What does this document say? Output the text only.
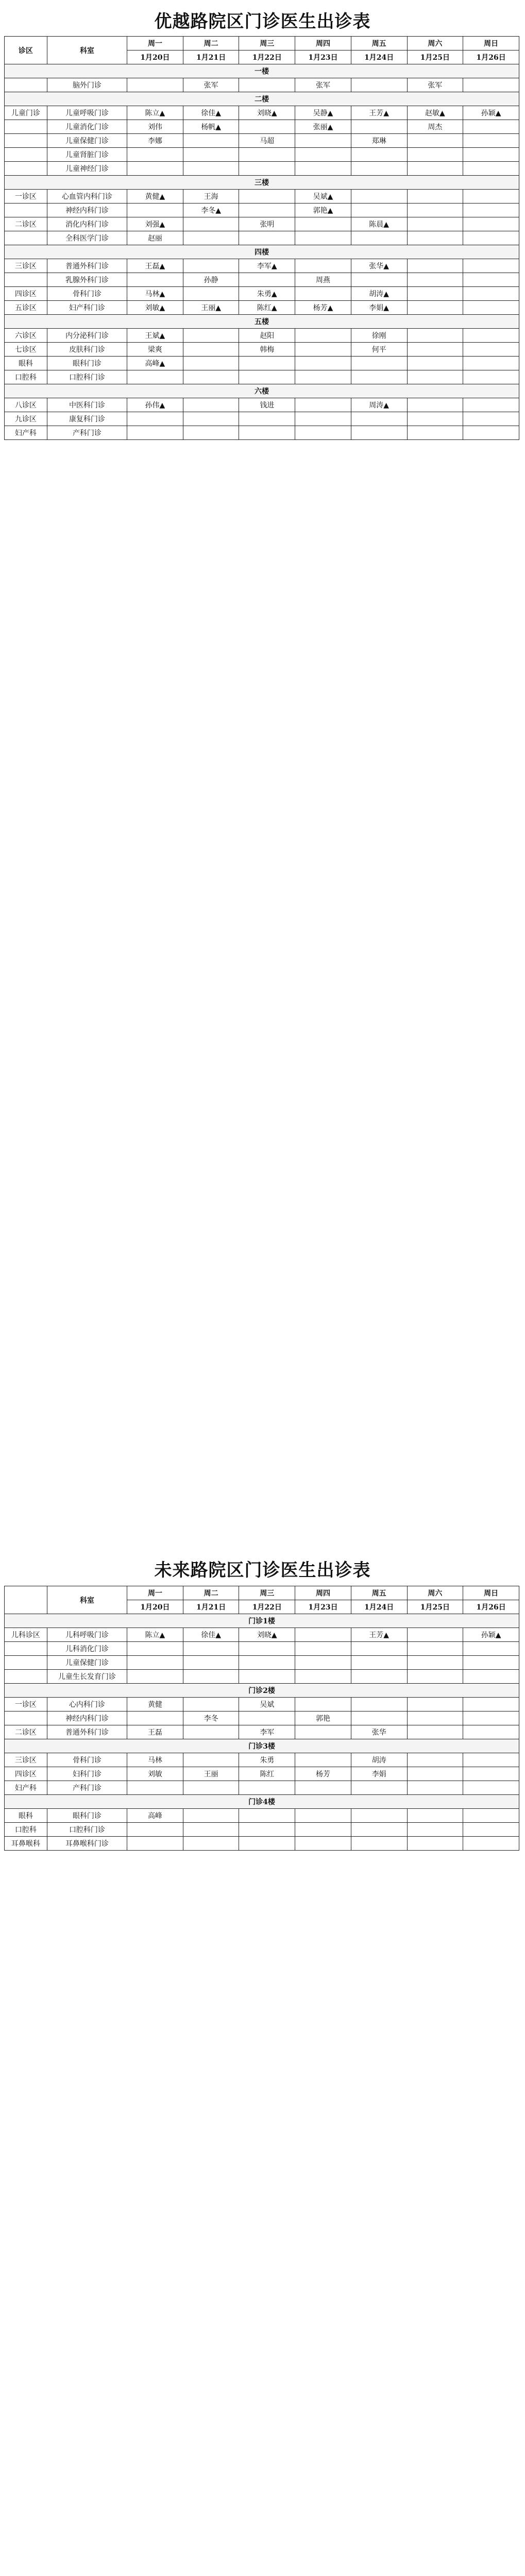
优越路院区门诊医生出诊表
诊区	科室	周一	周二	周三	周四	周五	周六	周日
		1月20日	1月21日	1月22日	1月23日	1月24日	1月25日	1月26日
一楼								
	脑外门诊		张军		张军		张军	
二楼								
儿童门诊	儿童呼吸门诊	陈立▲	徐佳▲	刘晓▲	吴静▲	王芳▲	赵敏▲	孙颖▲
	儿童消化门诊	刘伟	杨帆▲		张丽▲		周杰	
	儿童保健门诊	李娜		马超		郑琳		
	儿童肾脏门诊							
	儿童神经门诊							
三楼								
一诊区	心血管内科门诊	黄健▲	王海		吴斌▲			
	神经内科门诊		李冬▲		郭艳▲			
二诊区	消化内科门诊	刘强▲		张明		陈晨▲		
	全科医学门诊	赵丽						
四楼								
三诊区	普通外科门诊	王磊▲		李军▲		张华▲		
	乳腺外科门诊		孙静		周燕			
四诊区	骨科门诊	马林▲		朱勇▲		胡涛▲		
五诊区	妇产科门诊	刘敏▲	王丽▲	陈红▲	杨芳▲	李娟▲		
五楼								
六诊区	内分泌科门诊	王斌▲		赵阳		徐刚		
七诊区	皮肤科门诊	梁爽		韩梅		何平		
眼科	眼科门诊	高峰▲						
口腔科	口腔科门诊							
六楼								
八诊区	中医科门诊	孙伟▲		钱进		周涛▲		
九诊区	康复科门诊							
妇产科	产科门诊							
未来路院区门诊医生出诊表
	科室	周一	周二	周三	周四	周五	周六	周日
		1月20日	1月21日	1月22日	1月23日	1月24日	1月25日	1月26日
门诊1楼								
儿科诊区	儿科呼吸门诊	陈立▲	徐佳▲	刘晓▲		王芳▲		孙颖▲
	儿科消化门诊							
	儿童保健门诊							
	儿童生长发育门诊							
门诊2楼								
一诊区	心内科门诊	黄健		吴斌				
	神经内科门诊		李冬		郭艳			
二诊区	普通外科门诊	王磊		李军		张华		
门诊3楼								
三诊区	骨科门诊	马林		朱勇		胡涛		
四诊区	妇科门诊	刘敏	王丽	陈红	杨芳	李娟		
妇产科	产科门诊							
门诊4楼								
眼科	眼科门诊	高峰						
口腔科	口腔科门诊							
耳鼻喉科	耳鼻喉科门诊							
